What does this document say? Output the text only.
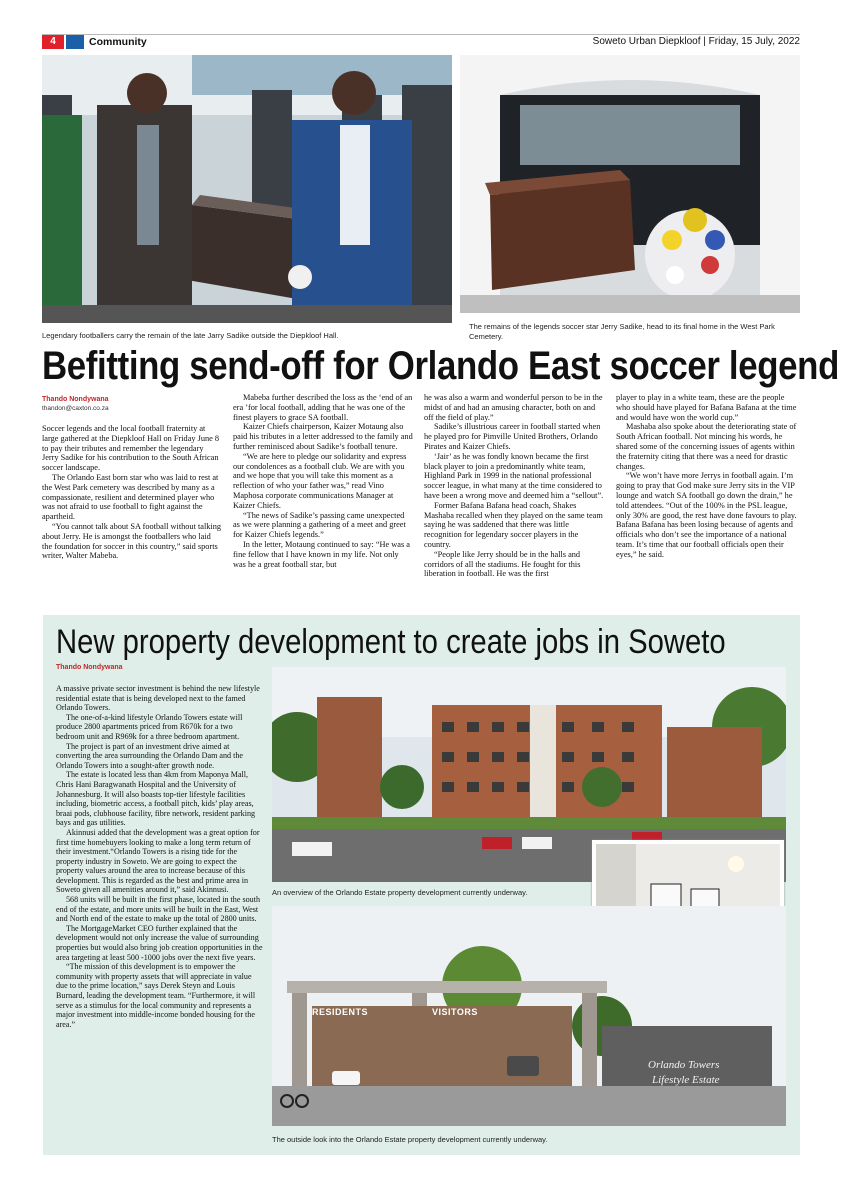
4	Community	Soweto Urban Diepkloof | Friday, 15 July, 2022
Legendary footballers carry the remain of the late Jarry Sadike outside the Diepkloof Hall.
The remains of the legends soccer star Jerry Sadike, head to its final home in the West Park Cemetery.
Befitting send-off for Orlando East soccer legend
Thando Nondywana
thandon@caxton.co.za

Soccer legends and the local football fraternity at large gathered at the Diepkloof Hall on Friday June 8 to pay their tributes and remember the legendary Jerry Sadike for his contribution to the South African soccer landscape.

The Orlando East born star who was laid to rest at the West Park cemetery was described by many as a compassionate, resilient and determined player who was not afraid to use football to fight against the apartheid.

“You cannot talk about SA football without talking about Jerry. He is amongst the footballers who laid the foundation for soccer in this country,” said sports writer, Walter Mabeba.

Mabeba further described the loss as the ‘end of an era ’for local football, adding that he was one of the finest players to grace SA football.

Kaizer Chiefs chairperson, Kaizer Motaung also paid his tributes in a letter addressed to the family and further reminisced about Sadike’s football tenure.

“We are here to pledge our solidarity and express our condolences as a football club. We are with you and we hope that you will take this moment as a reflection of who your father was,” read Vino Maphosa corporate communications Manager at Kaizer Chiefs.

“The news of Sadike’s passing came unexpected as we were planning a gathering of a meet and greet for Kaizer Chiefs legends.”

In the letter, Motaung continued to say: “He was a fine fellow that I have known in my life. Not only was he a great football star, but

he was also a warm and wonderful person to be in the midst of and had an amusing character, both on and off the field of play.”

Sadike’s illustrious career in football started when he played pro for Pimville United Brothers, Orlando Pirates and Kaizer Chiefs.

‘Jair’ as he was fondly known became the first black player to join a predominantly white team, Highland Park in 1999 in the national professional soccer league, in what many at the time considered to have been a wrong move and deemed him a “sellout”.

Former Bafana Bafana head coach, Shakes Mashaba recalled when they played on the same team saying he was saddened that there was little recognition for legendary soccer players in the country.

“People like Jerry should be in the halls and corridors of all the stadiums. He fought for this liberation in football. He was the first

player to play in a white team, these are the people who should have played for Bafana Bafana at the time and would have won the world cup.”

Mashaba also spoke about the deteriorating state of South African football. Not mincing his words, he shared some of the concerning issues of agents within the fraternity citing that there was a need for drastic changes.

“We won’t have more Jerrys in football again. I’m going to pray that God make sure Jerry sits in the VIP lounge and watch SA football go down the drain,” he told attendees. “Out of the 100% in the PSL league, only 30% are good, the rest have done favours to play. Bafana Bafana has been losing because of agents and officials who don’t see the importance of a national team. It’s time that our football officials open their eyes,” he said.

New property development to create jobs in Soweto
Thando Nondywana

A massive private sector investment is behind the new lifestyle residential estate that is being developed next to the famed Orlando Towers.

The one-of-a-kind lifestyle Orlando Towers estate will produce 2800 apartments priced from R670k for a two bedroom unit and R969k for a three bedroom apartment.

The project is part of an investment drive aimed at converting the area surrounding the Orlando Dam and the Orlando Towers into a sought-after growth node.

The estate is located less than 4km from Maponya Mall, Chris Hani Baragwanath Hospital and the University of Johannesburg. It will also boasts top-tier lifestyle facilities including, biometric access, a football pitch, kids’ play areas, braai pods, clubhouse facility, fibre network, resident parking bays and gas utilities.

Akinnusi added that the development was a great option for first time homebuyers looking to make a long term return of their investment.“Orlando Towers is a rising tide for the property industry in Soweto. We are going to expect the property values around the area to increase because of this development. This is regarded as the best and prime area in Soweto given all amenities around it,” said Akinnusi.

568 units will be built in the first phase, located in the south end of the estate, and more units will be built in the East, West and North end of the estate to make up the total of 2800 units.

The MortgageMarket CEO further explained that the development would not only increase the value of surrounding properties but would also bring job creation opportunities in the area targeting at least 500 -1000 jobs over the next five years.

“The mission of this development is to empower the community with property assets that will appreciate in value due to the prime location,” says Derek Steyn and Louis Burnard, leading the development team. “Furthermore, it will serve as a stimulus for the local community and represents a major investment into middle-income bonded housing for the area.”

An overview of the Orlando Estate property development currently underway.
RESIDENTS	VISITORS
Orlando Towers
Lifestyle Estate
The outside look into the Orlando Estate property development currently underway.
